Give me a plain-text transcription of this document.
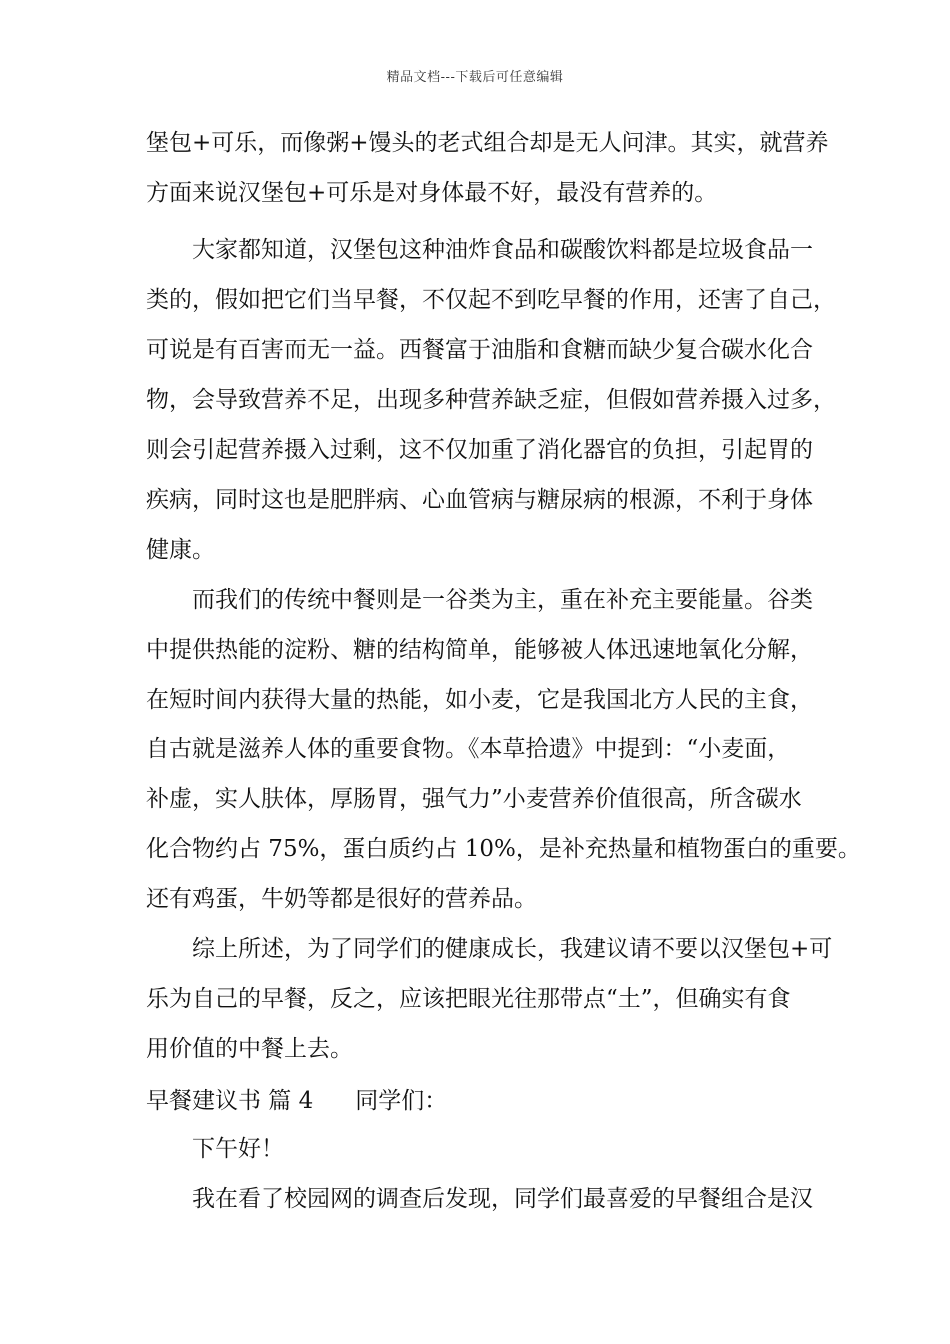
精品文档---下载后可任意编辑
堡包+可乐，而像粥+馒头的老式组合却是无人问津。其实，就营养
方面来说汉堡包+可乐是对身体最不好，最没有营养的。
大家都知道，汉堡包这种油炸食品和碳酸饮料都是垃圾食品一
类的，假如把它们当早餐，不仅起不到吃早餐的作用，还害了自己，
可说是有百害而无一益。西餐富于油脂和食糖而缺少复合碳水化合
物，会导致营养不足，出现多种营养缺乏症，但假如营养摄入过多，
则会引起营养摄入过剩，这不仅加重了消化器官的负担，引起胃的
疾病，同时这也是肥胖病、心血管病与糖尿病的根源，不利于身体
健康。
而我们的传统中餐则是一谷类为主，重在补充主要能量。谷类
中提供热能的淀粉、糖的结构简单，能够被人体迅速地氧化分解，
在短时间内获得大量的热能，如小麦，它是我国北方人民的主食，
自古就是滋养人体的重要食物。《本草拾遗》中提到：“小麦面，
补虚，实人肤体，厚肠胃，强气力”小麦营养价值很高，所含碳水
化合物约占 75%，蛋白质约占 10%，是补充热量和植物蛋白的重要。
还有鸡蛋，牛奶等都是很好的营养品。
综上所述，为了同学们的健康成长，我建议请不要以汉堡包+可
乐为自己的早餐，反之，应该把眼光往那带点“土”，但确实有食
用价值的中餐上去。
早餐建议书 篇 4 同学们：
下午好！
我在看了校园网的调查后发现，同学们最喜爱的早餐组合是汉
